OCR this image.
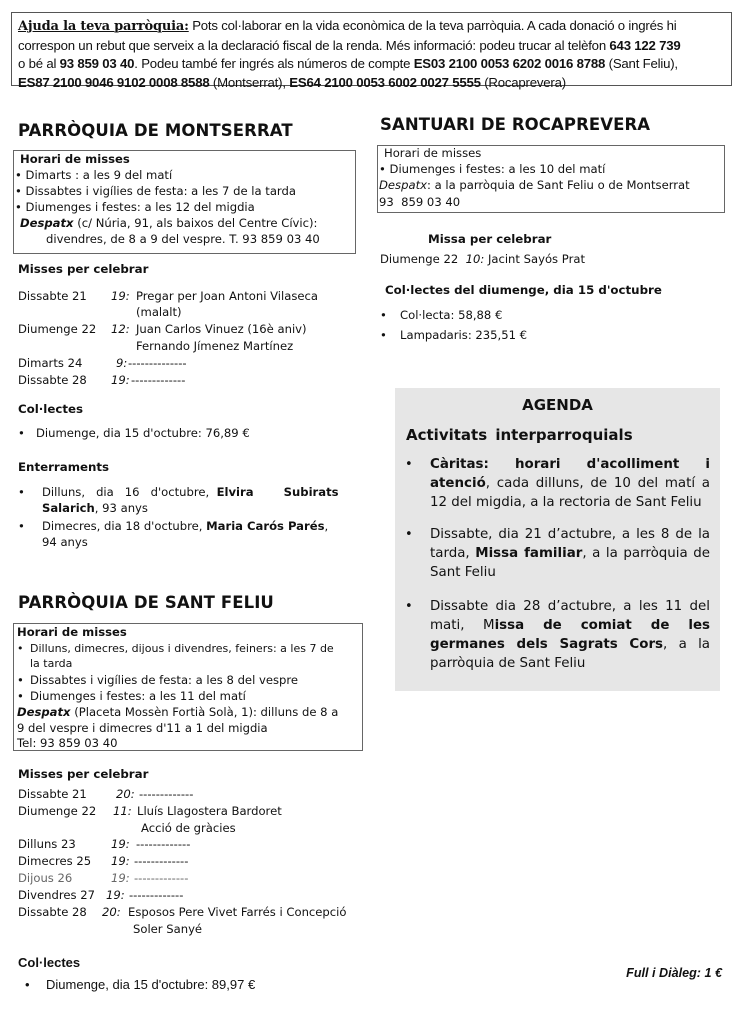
Ajuda la teva parròquia: Pots col·laborar en la vida econòmica de la teva parròquia. A cada donació o ingrés hi
correspon un rebut que serveix a la declaració fiscal de la renda. Més informació: podeu trucar al telèfon 643 122 739
o bé al 93 859 03 40. Podeu també fer ingrés als números de compte ES03 2100 0053 6202 0016 8788 (Sant Feliu),
ES87 2100 9046 9102 0008 8588 (Montserrat), ES64 2100 0053 6002 0027 5555 (Rocaprevera)
PARRÒQUIA DE MONTSERRAT
Horari de misses
• Dimarts : a les 9 del matí
• Dissabtes i vigílies de festa: a les 7 de la tarda
• Diumenges i festes: a les 12 del migdia
Despatx (c/ Núria, 91, als baixos del Centre Cívic):
divendres, de 8 a 9 del vespre. T. 93 859 03 40
Misses per celebrar
Dissabte 21 19: Pregar per Joan Antoni Vilaseca
(malalt)
Diumenge 22 12: Juan Carlos Vinuez (16è aniv)
Fernando Jímenez Martínez
Dimarts 24	9: --------------
Dissabte 28 19: -------------
Col·lectes
• Diumenge, dia 15 d'octubre: 76,89 €
Enterraments
• Dilluns,   dia   16   d'octubre,  Elvira   Subirats
Salarich, 93 anys
• Dimecres, dia 18 d'octubre, Maria Carós Parés,
94 anys
PARRÒQUIA DE SANT FELIU
Horari de misses
• Dilluns, dimecres, dijous i divendres, feiners: a les 7 de
la tarda
• Dissabtes i vigílies de festa: a les 8 del vespre
• Diumenges i festes: a les 11 del matí
Despatx (Placeta Mossèn Fortià Solà, 1): dilluns de 8 a
9 del vespre i dimecres d'11 a 1 del migdia
Tel: 93 859 03 40
Misses per celebrar
Dissabte 21	20: -------------
Diumenge 22 11: Lluís Llagostera Bardoret
Acció de gràcies
Dilluns 23	19: -------------
Dimecres 25 19: -------------
Dijous 26	19: -------------
Divendres 27 19: -------------
Dissabte 28 20: Esposos Pere Vivet Farrés i Concepció
Soler Sanyé
Col·lectes
• Diumenge, dia 15 d'octubre: 89,97 €
SANTUARI DE ROCAPREVERA
Horari de misses
• Diumenges i festes: a les 10 del matí
Despatx: a la parròquia de Sant Feliu o de Montserrat
93  859 03 40
Missa per celebrar
Diumenge 22 10: Jacint Sayós Prat
Col·lectes del diumenge, dia 15 d'octubre
• Col·lecta: 58,88 €
• Lampadaris: 235,51 €
AGENDA
Activitats interparroquials
• Càritas:     horari     d'acolliment     i atenció, cada dilluns, de 10 del matí a 12 del migdia, a la rectoria de Sant Feliu
• Dissabte, dia 21 d’actubre, a les 8 de la tarda, Missa familiar, a la parròquia de Sant Feliu
• Dissabte dia 28 d’actubre, a les 11 del mati, Missa de comiat de les germanes dels Sagrats Cors, a la parròquia de Sant Feliu
Full i Diàleg: 1 €
